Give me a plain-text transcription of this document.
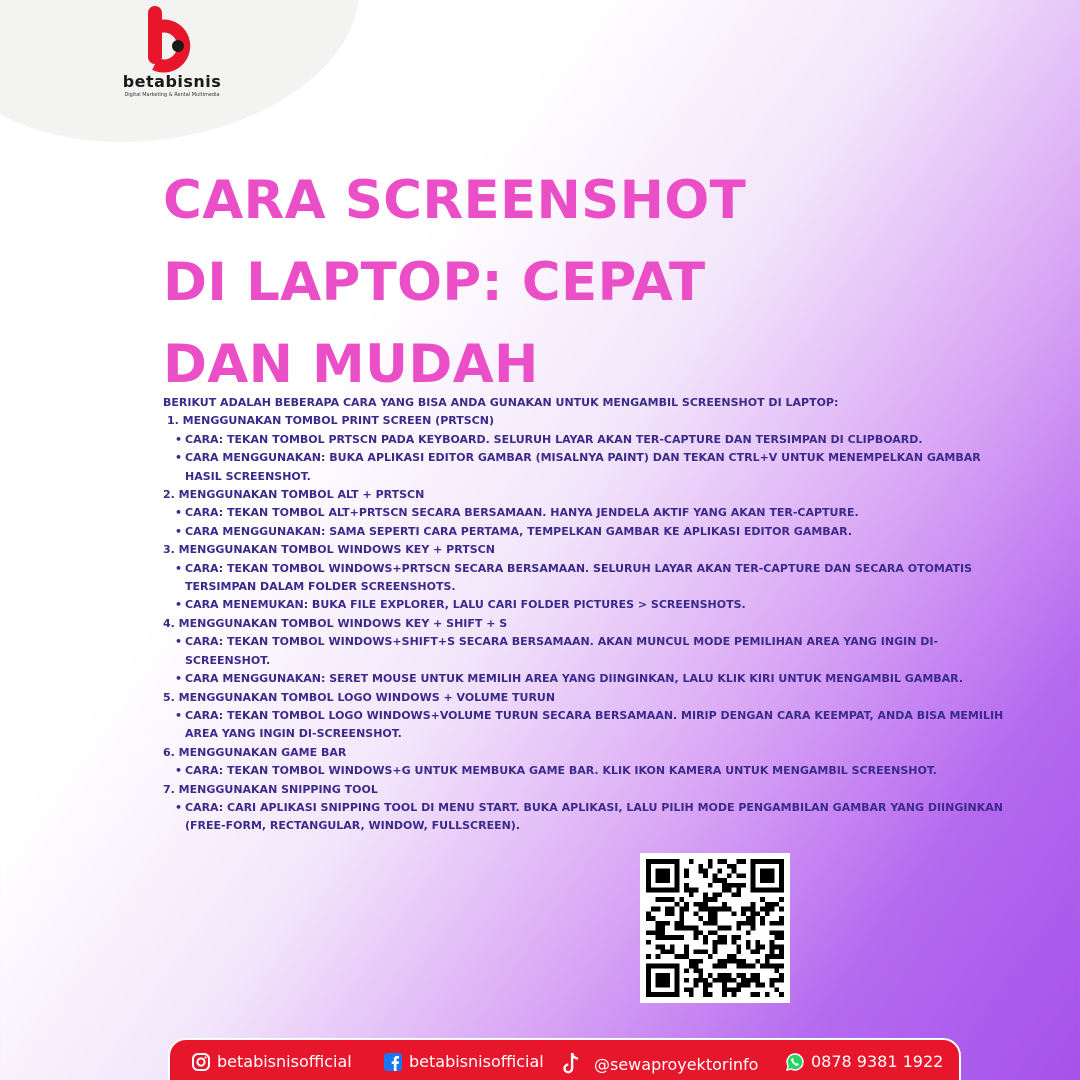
betabisnis
Digital Marketing & Rental Multimedia
CARA SCREENSHOT DI LAPTOP: CEPAT DAN MUDAH
BERIKUT ADALAH BEBERAPA CARA YANG BISA ANDA GUNAKAN UNTUK MENGAMBIL SCREENSHOT DI LAPTOP:
1. MENGGUNAKAN TOMBOL PRINT SCREEN (PRTSCN)
• CARA: TEKAN TOMBOL PRTSCN PADA KEYBOARD. SELURUH LAYAR AKAN TER-CAPTURE DAN TERSIMPAN DI CLIPBOARD.
• CARA MENGGUNAKAN: BUKA APLIKASI EDITOR GAMBAR (MISALNYA PAINT) DAN TEKAN CTRL+V UNTUK MENEMPELKAN GAMBAR HASIL SCREENSHOT.
2. MENGGUNAKAN TOMBOL ALT + PRTSCN
• CARA: TEKAN TOMBOL ALT+PRTSCN SECARA BERSAMAAN. HANYA JENDELA AKTIF YANG AKAN TER-CAPTURE.
• CARA MENGGUNAKAN: SAMA SEPERTI CARA PERTAMA, TEMPELKAN GAMBAR KE APLIKASI EDITOR GAMBAR.
3. MENGGUNAKAN TOMBOL WINDOWS KEY + PRTSCN
• CARA: TEKAN TOMBOL WINDOWS+PRTSCN SECARA BERSAMAAN. SELURUH LAYAR AKAN TER-CAPTURE DAN SECARA OTOMATIS TERSIMPAN DALAM FOLDER SCREENSHOTS.
• CARA MENEMUKAN: BUKA FILE EXPLORER, LALU CARI FOLDER PICTURES > SCREENSHOTS.
4. MENGGUNAKAN TOMBOL WINDOWS KEY + SHIFT + S
• CARA: TEKAN TOMBOL WINDOWS+SHIFT+S SECARA BERSAMAAN. AKAN MUNCUL MODE PEMILIHAN AREA YANG INGIN DI-SCREENSHOT.
• CARA MENGGUNAKAN: SERET MOUSE UNTUK MEMILIH AREA YANG DIINGINKAN, LALU KLIK KIRI UNTUK MENGAMBIL GAMBAR.
5. MENGGUNAKAN TOMBOL LOGO WINDOWS + VOLUME TURUN
• CARA: TEKAN TOMBOL LOGO WINDOWS+VOLUME TURUN SECARA BERSAMAAN. MIRIP DENGAN CARA KEEMPAT, ANDA BISA MEMILIH AREA YANG INGIN DI-SCREENSHOT.
6. MENGGUNAKAN GAME BAR
• CARA: TEKAN TOMBOL WINDOWS+G UNTUK MEMBUKA GAME BAR. KLIK IKON KAMERA UNTUK MENGAMBIL SCREENSHOT.
7. MENGGUNAKAN SNIPPING TOOL
• CARA: CARI APLIKASI SNIPPING TOOL DI MENU START. BUKA APLIKASI, LALU PILIH MODE PENGAMBILAN GAMBAR YANG DIINGINKAN (FREE-FORM, RECTANGULAR, WINDOW, FULLSCREEN).
betabisnisofficial	betabisnisofficial	@sewaproyektorinfo	0878 9381 1922
